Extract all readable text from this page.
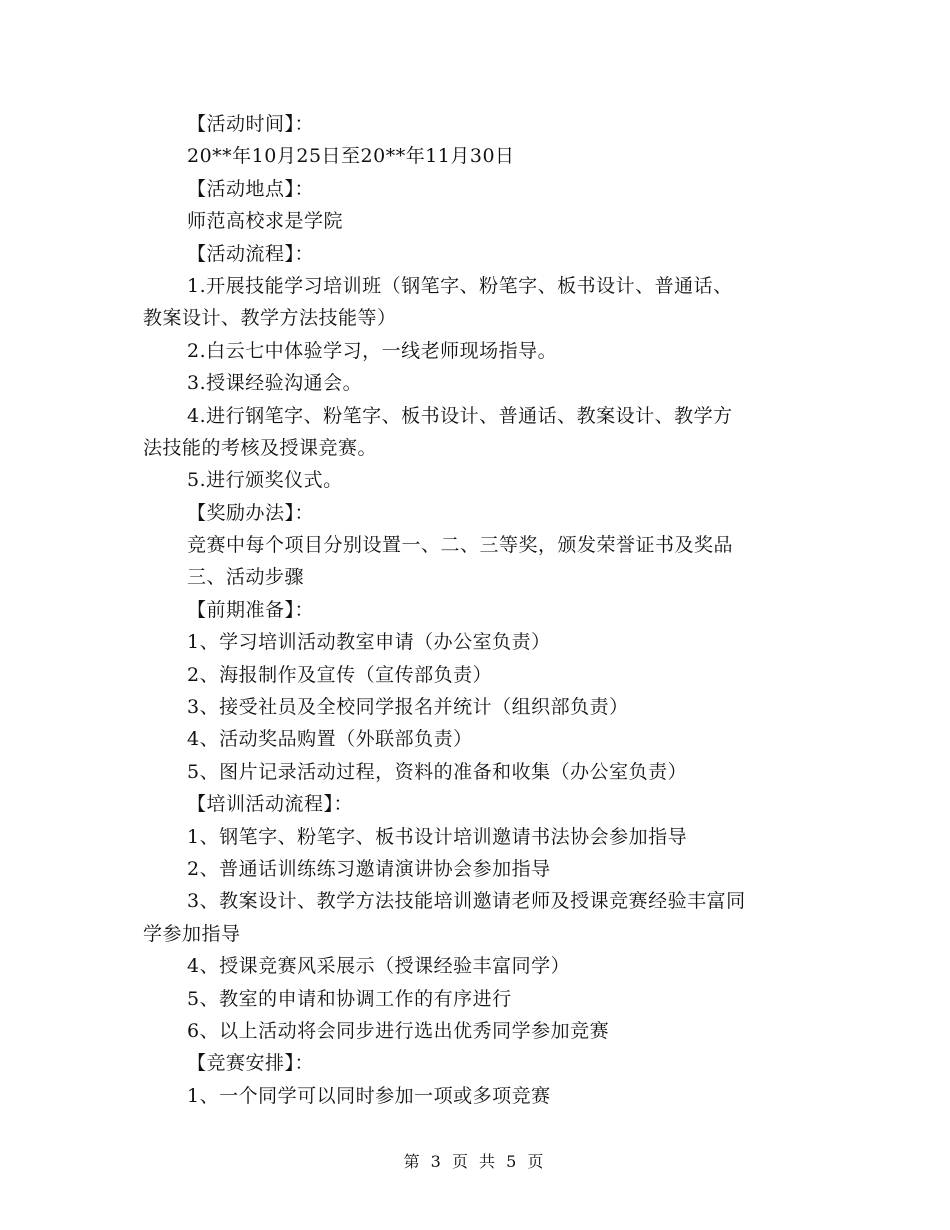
【活动时间】：
20**年10月25日至20**年11月30日
【活动地点】：
师范高校求是学院
【活动流程】：
1.开展技能学习培训班（钢笔字、粉笔字、板书设计、普通话、
教案设计、教学方法技能等）
2.白云七中体验学习，一线老师现场指导。
3.授课经验沟通会。
4.进行钢笔字、粉笔字、板书设计、普通话、教案设计、教学方
法技能的考核及授课竞赛。
5.进行颁奖仪式。
【奖励办法】：
竞赛中每个项目分别设置一、二、三等奖，颁发荣誉证书及奖品
三、活动步骤
【前期准备】：
1、学习培训活动教室申请（办公室负责）
2、海报制作及宣传（宣传部负责）
3、接受社员及全校同学报名并统计（组织部负责）
4、活动奖品购置（外联部负责）
5、图片记录活动过程，资料的准备和收集（办公室负责）
【培训活动流程】：
1、钢笔字、粉笔字、板书设计培训邀请书法协会参加指导
2、普通话训练练习邀请演讲协会参加指导
3、教案设计、教学方法技能培训邀请老师及授课竞赛经验丰富同
学参加指导
4、授课竞赛风采展示（授课经验丰富同学）
5、教室的申请和协调工作的有序进行
6、以上活动将会同步进行选出优秀同学参加竞赛
【竞赛安排】：
1、一个同学可以同时参加一项或多项竞赛
第 3 页 共 5 页
